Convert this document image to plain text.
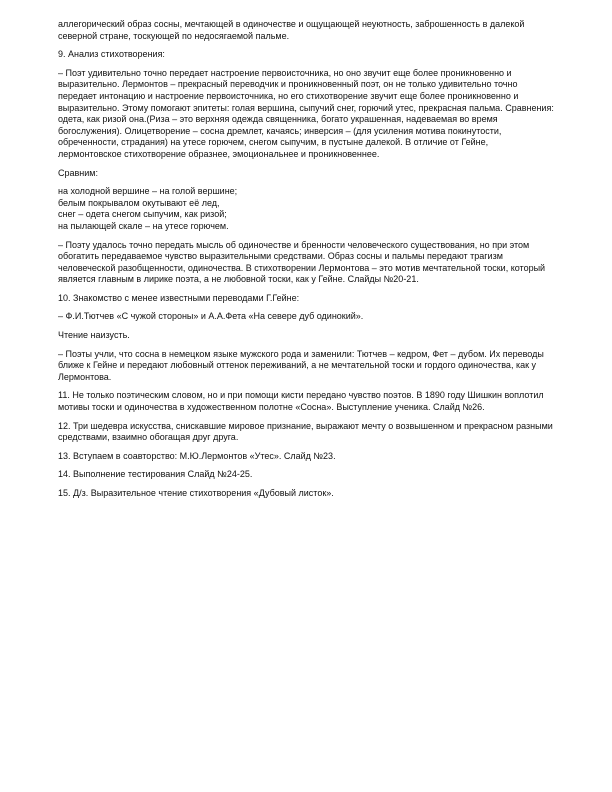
аллегорический образ сосны, мечтающей в одиночестве и ощущающей неуютность, заброшенность в далекой северной стране, тоскующей по недосягаемой пальме.
9. Анализ стихотворения:
– Поэт удивительно точно передает настроение первоисточника, но оно звучит еще более проникновенно и выразительно. Лермонтов – прекрасный переводчик и проникновенный поэт, он не только удивительно точно передает интонацию и настроение первоисточника, но его стихотворение звучит еще более проникновенно и выразительно. Этому помогают эпитеты: голая вершина, сыпучий снег, горючий утес, прекрасная пальма. Сравнения: одета, как ризой она.(Риза – это верхняя одежда священника, богато украшенная, надеваемая во время богослужения). Олицетворение – сосна дремлет, качаясь; инверсия – (для усиления мотива покинутости, обреченности, страдания) на утесе горючем, снегом сыпучим, в пустыне далекой. В отличие от Гейне, лермонтовское стихотворение образнее, эмоциональнее и проникновеннее.
Сравним:
на холодной вершине – на голой вершине;
белым покрывалом окутывают её лед,
снег – одета снегом сыпучим, как ризой;
на пылающей скале – на утесе горючем.
– Поэту удалось точно передать мысль об одиночестве и бренности человеческого существования, но при этом обогатить передаваемое чувство выразительными средствами. Образ сосны и пальмы передают трагизм человеческой разобщенности, одиночества. В стихотворении Лермонтова – это мотив мечтательной тоски, который является главным в лирике поэта, а не любовной тоски, как у Гейне. Слайды №20-21.
10. Знакомство с менее известными переводами Г.Гейне:
– Ф.И.Тютчев «С чужой стороны» и А.А.Фета «На севере дуб одинокий».
Чтение наизусть.
– Поэты учли, что сосна в немецком языке мужского рода и заменили: Тютчев – кедром, Фет – дубом. Их переводы ближе к Гейне и передают любовный оттенок переживаний, а не мечтательной тоски и гордого одиночества, как у Лермонтова.
11. Не только поэтическим словом, но и при помощи кисти передано чувство поэтов. В 1890 году Шишкин воплотил мотивы тоски и одиночества в художественном полотне «Сосна». Выступление ученика. Слайд №26.
12. Три шедевра искусства, снискавшие мировое признание, выражают мечту о возвышенном и прекрасном разными средствами, взаимно обогащая друг друга.
13. Вступаем в соавторство: М.Ю.Лермонтов «Утес». Слайд №23.
14. Выполнение тестирования Слайд №24-25.
15. Д/з. Выразительное чтение стихотворения «Дубовый листок».
